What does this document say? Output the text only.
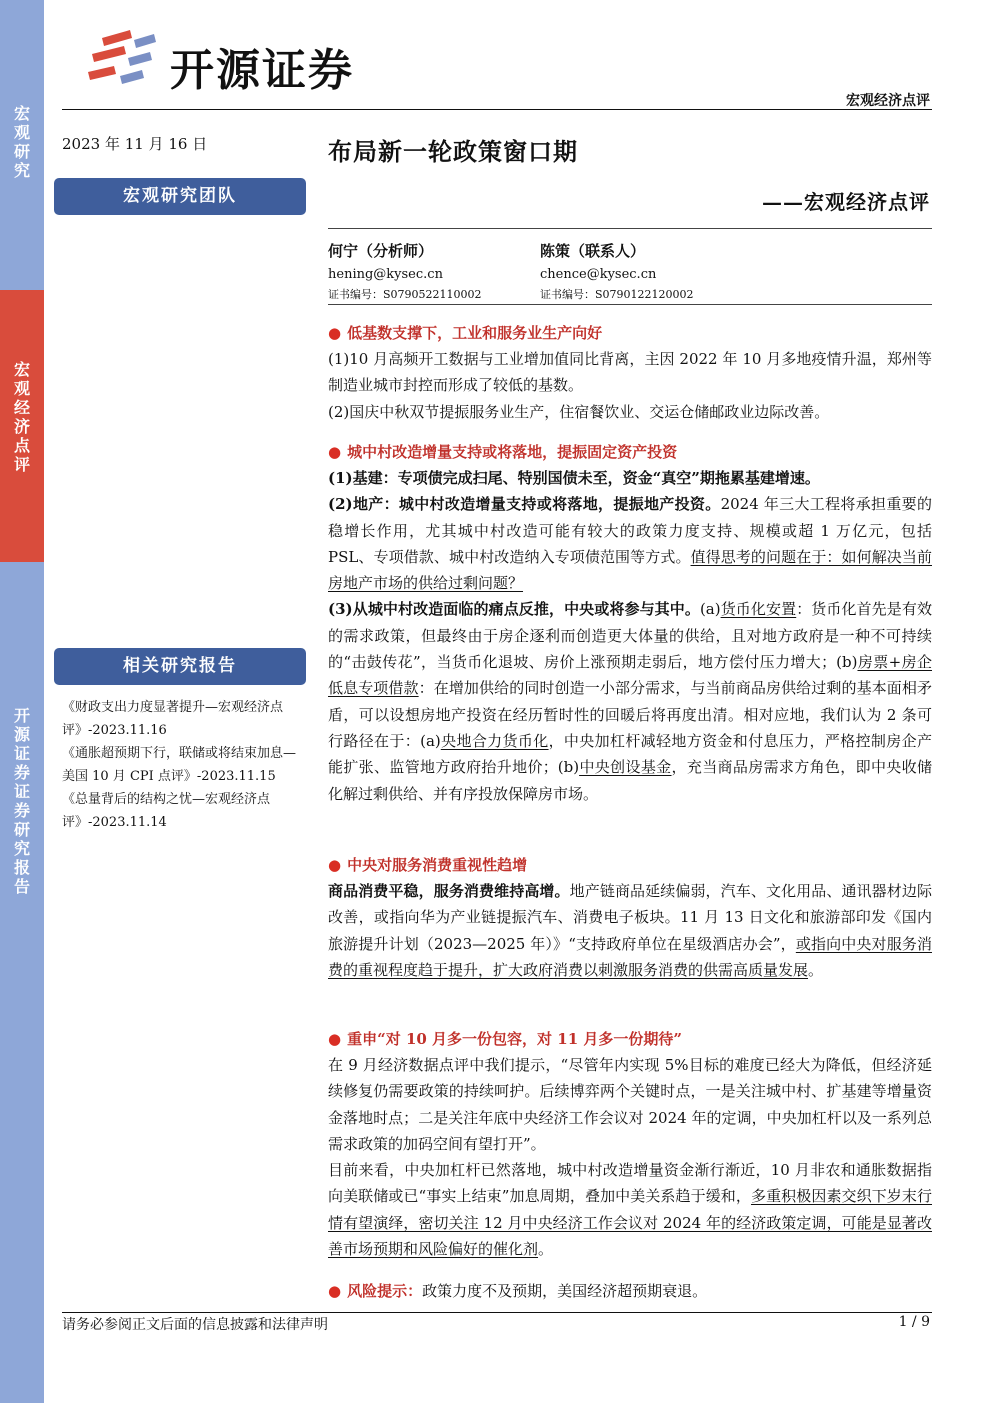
宏观研究
宏观经济点评
开源证券 证券研究报告
开源证券
宏观经济点评
2023 年 11 月 16 日	布局新一轮政策窗口期
——宏观经济点评
宏观研究团队
何宁（分析师）
hening@kysec.cn
证书编号：S0790522110002
陈策（联系人）
chence@kysec.cn
证书编号：S0790122120002
相关研究报告

《财政支出力度显著提升—宏观经济点评》-2023.11.16

《通胀超预期下行，联储或将结束加息—美国 10 月 CPI 点评》-2023.11.15

《总量背后的结构之忧—宏观经济点评》-2023.11.14

● 低基数支撑下，工业和服务业生产向好

(1)10 月高频开工数据与工业增加值同比背离，主因 2022 年 10 月多地疫情升温，郑州等制造业城市封控而形成了较低的基数。

(2)国庆中秋双节提振服务业生产，住宿餐饮业、交运仓储邮政业边际改善。

● 城中村改造增量支持或将落地，提振固定资产投资

(1)基建：专项债完成扫尾、特别国债未至，资金“真空”期拖累基建增速。

(2)地产：城中村改造增量支持或将落地，提振地产投资。2024 年三大工程将承担重要的稳增长作用，尤其城中村改造可能有较大的政策力度支持、规模或超 1 万亿元，包括 PSL、专项借款、城中村改造纳入专项债范围等方式。值得思考的问题在于：如何解决当前房地产市场的供给过剩问题？

(3)从城中村改造面临的痛点反推，中央或将参与其中。(a)货币化安置：货币化首先是有效的需求政策，但最终由于房企逐利而创造更大体量的供给，且对地方政府是一种不可持续的“击鼓传花”，当货币化退坡、房价上涨预期走弱后，地方偿付压力增大；(b)房票+房企低息专项借款：在增加供给的同时创造一小部分需求，与当前商品房供给过剩的基本面相矛盾，可以设想房地产投资在经历暂时性的回暖后将再度出清。相对应地，我们认为 2 条可行路径在于：(a)央地合力货币化，中央加杠杆减轻地方资金和付息压力，严格控制房企产能扩张、监管地方政府抬升地价；(b)中央创设基金，充当商品房需求方角色，即中央收储化解过剩供给、并有序投放保障房市场。

● 中央对服务消费重视性趋增

商品消费平稳，服务消费维持高增。地产链商品延续偏弱，汽车、文化用品、通讯器材边际改善，或指向华为产业链提振汽车、消费电子板块。11 月 13 日文化和旅游部印发《国内旅游提升计划（2023—2025 年）》“支持政府单位在星级酒店办会”，或指向中央对服务消费的重视程度趋于提升，扩大政府消费以刺激服务消费的供需高质量发展。

● 重申“对 10 月多一份包容，对 11 月多一份期待”

在 9 月经济数据点评中我们提示，“尽管年内实现 5%目标的难度已经大为降低，但经济延续修复仍需要政策的持续呵护。后续博弈两个关键时点，一是关注城中村、扩基建等增量资金落地时点；二是关注年底中央经济工作会议对 2024 年的定调，中央加杠杆以及一系列总需求政策的加码空间有望打开”。

目前来看，中央加杠杆已然落地，城中村改造增量资金渐行渐近，10 月非农和通胀数据指向美联储或已“事实上结束”加息周期，叠加中美关系趋于缓和，多重积极因素交织下岁末行情有望演绎，密切关注 12 月中央经济工作会议对 2024 年的经济政策定调，可能是显著改善市场预期和风险偏好的催化剂。

● 风险提示：政策力度不及预期，美国经济超预期衰退。

请务必参阅正文后面的信息披露和法律声明	1 / 9
